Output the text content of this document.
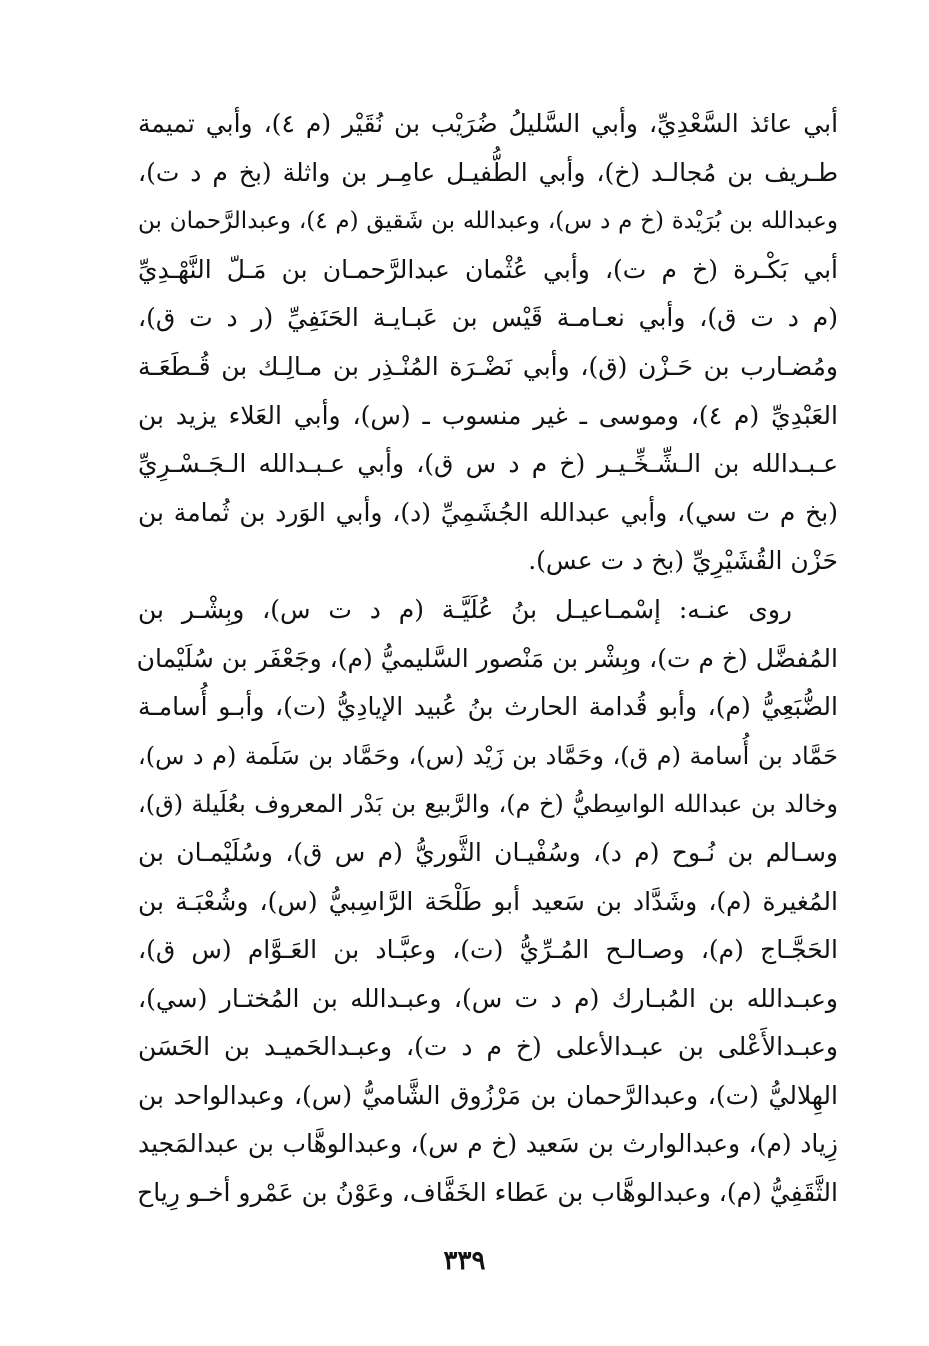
أبي عائذ السَّعْدِيِّ، وأبي السَّليلُ ضُرَيْب بن نُقَيْر (م ٤)، وأبي تميمة
طـريف بن مُجالـد (خ)، وأبي الطُّفيـل عامِـر بن واثلة (بخ م د ت)،
وعبدالله بن بُرَيْدة (خ م د س)، وعبدالله بن شَقيق (م ٤)، وعبدالرَّحمان بن
أبي بَكْـرة (خ م ت)، وأبي عُثْمان عبدالرَّحمـان بن مَـلّ النَّهْـدِيِّ
(م د ت ق)، وأبي نعـامـة قَيْس بن عَبـايـة الحَنَفِيِّ (ر د ت ق)،
ومُضـارب بن حَـزْن (ق)، وأبي نَضْـرَة المُنْـذِر بن مـالِـك بن قُـطَعَـة
العَبْدِيِّ (م ٤)، وموسى ـ غير منسوب ـ (س)، وأبي العَلاء يزيد بن
عـبـدالله بن الـشِّـخِّـيـر (خ م د س ق)، وأبي عـبـدالله الـجَـسْـرِيِّ
(بخ م ت سي)، وأبي عبدالله الجُشَمِيِّ (د)، وأبي الوَرد بن ثُمامة بن
حَزْن القُشَيْرِيِّ (بخ د ت عس).
روى عنـه: إسْمـاعيـل بنُ عُلَيَّـة (م د ت س)، وبِشْـر بن
المُفضَّل (خ م ت)، وبِشْر بن مَنْصور السَّليميُّ (م)، وجَعْفَر بن سُلَيْمان
الضُّبَعِيُّ (م)، وأبو قُدامة الحارث بنُ عُبيد الإيادِيُّ (ت)، وأبـو أُسامـة
حَمَّاد بن أُسامة (م ق)، وحَمَّاد بن زَيْد (س)، وحَمَّاد بن سَلَمة (م د س)،
وخالد بن عبدالله الواسِطيُّ (خ م)، والرَّبيع بن بَدْر المعروف بعُلَيلة (ق)،
وسـالم بن نُـوح (م د)، وسُفْيـان الثَّوريُّ (م س ق)، وسُلَيْمـان بن
المُغيرة (م)، وشَدَّاد بن سَعيد أبو طَلْحَة الرَّاسِبيُّ (س)، وشُعْبَـة بن
الحَجَّـاج (م)، وصـالـح المُـرِّيُّ (ت)، وعبَّـاد بن العَـوَّام (س ق)،
وعبـدالله بن المُبـارك (م د ت س)، وعبـدالله بن المُختـار (سي)،
وعبـدالأَعْلى بن عبـدالأعلى (خ م د ت)، وعبـدالحَميـد بن الحَسَن
الهِلاليُّ (ت)، وعبدالرَّحمان بن مَرْزُوق الشَّاميُّ (س)، وعبدالواحد بن
زِياد (م)، وعبدالوارث بن سَعيد (خ م س)، وعبدالوهَّاب بن عبدالمَجيد
الثَّقَفِيُّ (م)، وعبدالوهَّاب بن عَطاء الخَفَّاف، وعَوْنُ بن عَمْرو أخـو رِياح
٣٣٩
